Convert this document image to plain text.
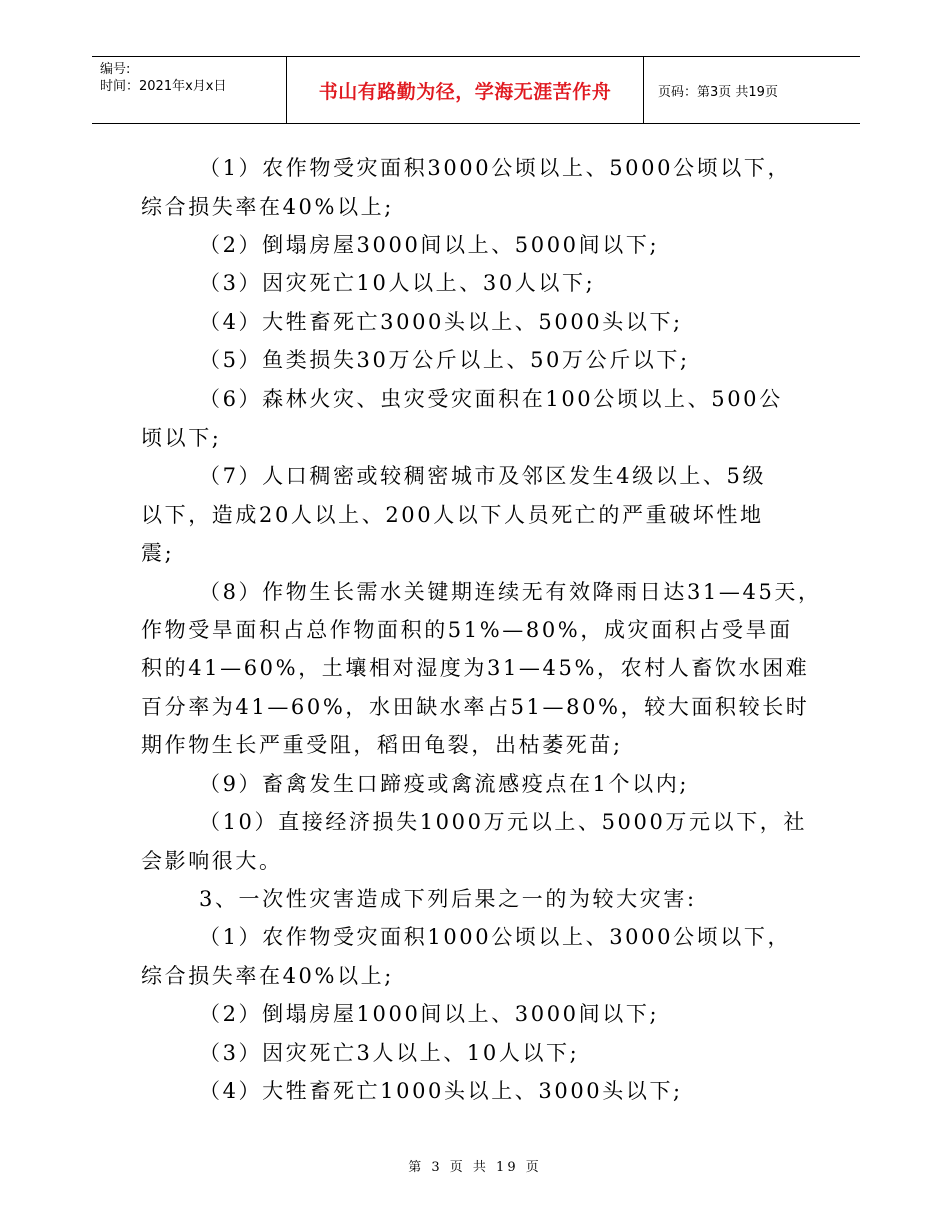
编号:
时间：2021年x月x日	书山有路勤为径，学海无涯苦作舟	页码：第3页 共19页
（1）农作物受灾面积3000公顷以上、5000公顷以下，
综合损失率在40%以上;
（2）倒塌房屋3000间以上、5000间以下;
（3）因灾死亡10人以上、30人以下;
（4）大牲畜死亡3000头以上、5000头以下;
（5）鱼类损失30万公斤以上、50万公斤以下;
（6）森林火灾、虫灾受灾面积在100公顷以上、500公
顷以下;
（7）人口稠密或较稠密城市及邻区发生4级以上、5级
以下，造成20人以上、200人以下人员死亡的严重破坏性地
震;
（8）作物生长需水关键期连续无有效降雨日达31—45天，
作物受旱面积占总作物面积的51%—80%，成灾面积占受旱面
积的41—60%，土壤相对湿度为31—45%，农村人畜饮水困难
百分率为41—60%，水田缺水率占51—80%，较大面积较长时
期作物生长严重受阻，稻田龟裂，出枯萎死苗;
（9）畜禽发生口蹄疫或禽流感疫点在1个以内;
（10）直接经济损失1000万元以上、5000万元以下，社
会影响很大。
3、一次性灾害造成下列后果之一的为较大灾害:
（1）农作物受灾面积1000公顷以上、3000公顷以下，
综合损失率在40%以上;
（2）倒塌房屋1000间以上、3000间以下;
（3）因灾死亡3人以上、10人以下;
（4）大牲畜死亡1000头以上、3000头以下;
第 3 页 共 19 页
